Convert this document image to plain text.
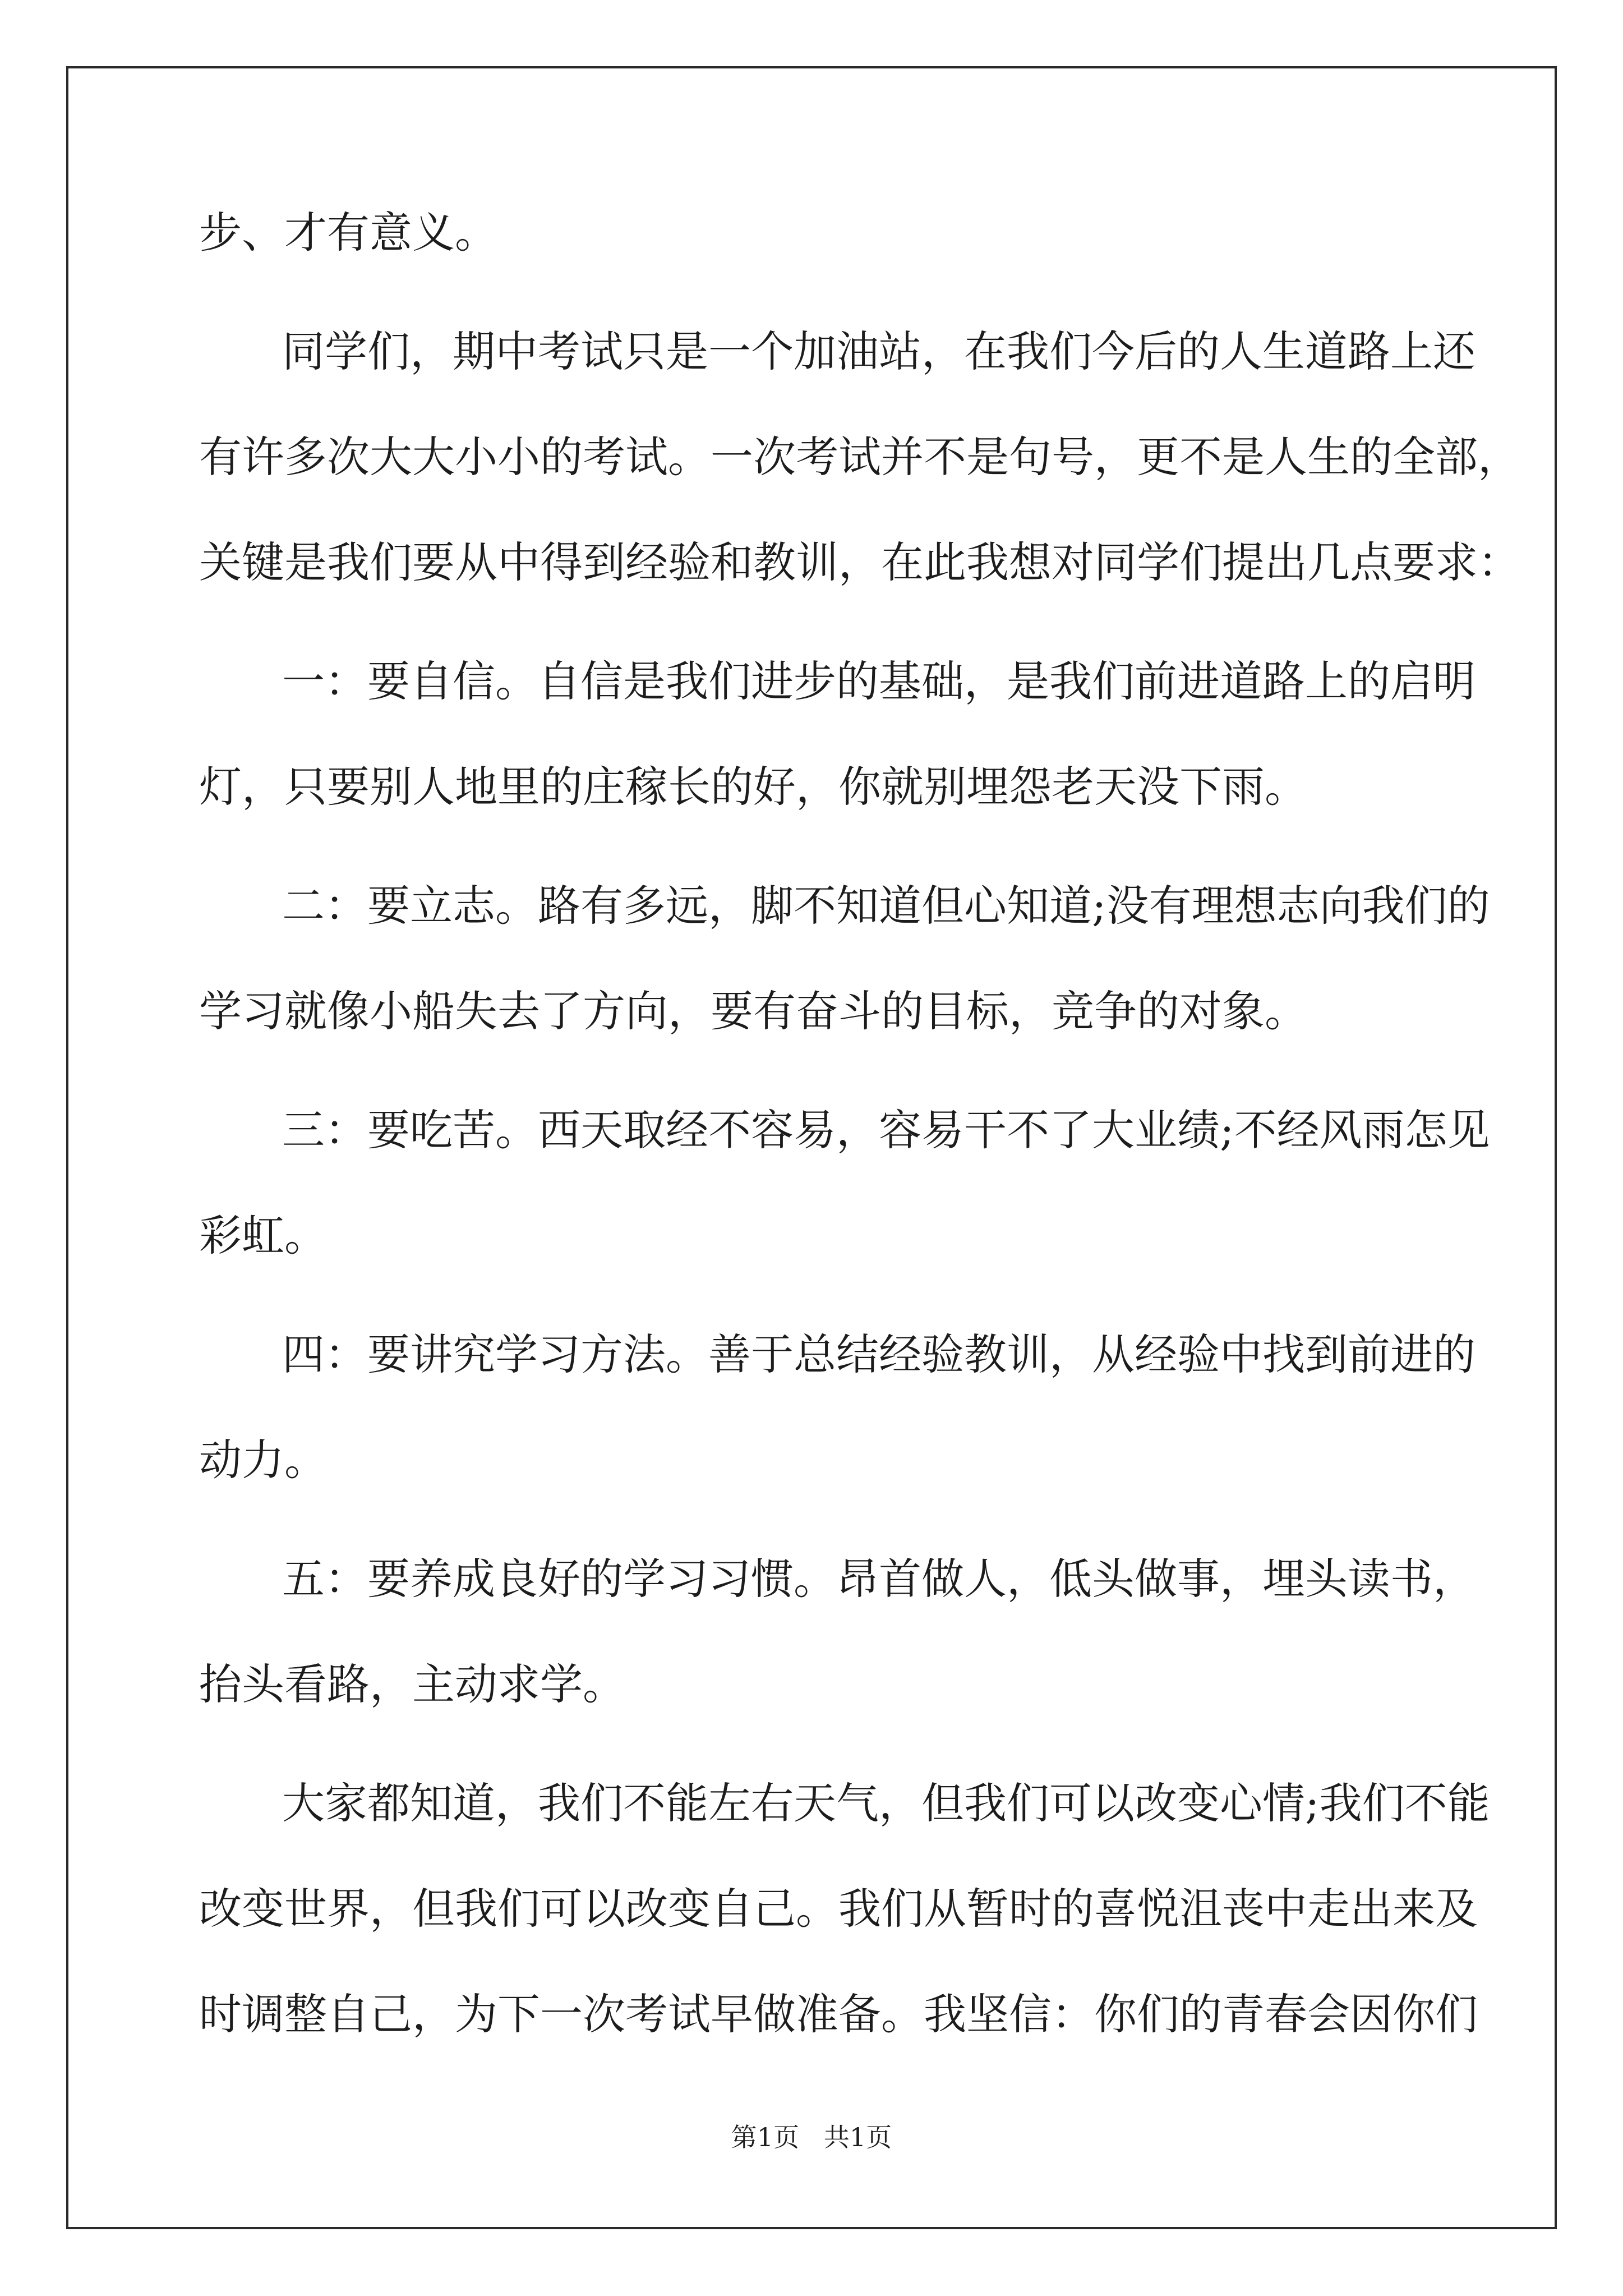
步、才有意义。

同学们，期中考试只是一个加油站，在我们今后的人生道路上还

有许多次大大小小的考试。一次考试并不是句号，更不是人生的全部，

关键是我们要从中得到经验和教训，在此我想对同学们提出几点要求：

一：要自信。自信是我们进步的基础，是我们前进道路上的启明

灯，只要别人地里的庄稼长的好，你就别埋怨老天没下雨。

二：要立志。路有多远，脚不知道但心知道;没有理想志向我们的

学习就像小船失去了方向，要有奋斗的目标，竞争的对象。

三：要吃苦。西天取经不容易，容易干不了大业绩;不经风雨怎见

彩虹。

四：要讲究学习方法。善于总结经验教训，从经验中找到前进的

动力。

五：要养成良好的学习习惯。昂首做人，低头做事，埋头读书，

抬头看路，主动求学。

大家都知道，我们不能左右天气，但我们可以改变心情;我们不能

改变世界，但我们可以改变自己。我们从暂时的喜悦沮丧中走出来及

时调整自己，为下一次考试早做准备。我坚信：你们的青春会因你们

第1页   共1页
